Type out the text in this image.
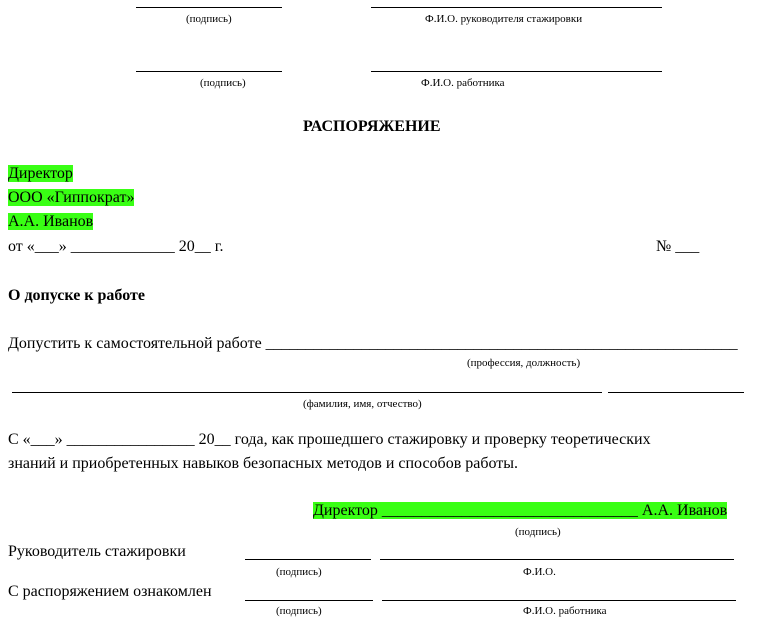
(подпись)	Ф.И.О. руководителя стажировки
(подпись)	Ф.И.О. работника
РАСПОРЯЖЕНИЕ
Директор
ООО «Гиппократ»
А.А. Иванов
от «___» _____________ 20__ г.	№ ___
О допуске к работе
Допустить к самостоятельной работе ___________________________________________________________
(профессия, должность)
(фамилия, имя, отчество)
С «___» ________________ 20__ года, как прошедшего стажировку и проверку теоретических
знаний и приобретенных навыков безопасных методов и способов работы.
Директор ________________________________ А.А. Иванов
(подпись)
Руководитель стажировки
(подпись)	Ф.И.О.
С распоряжением ознакомлен
(подпись)	Ф.И.О. работника
